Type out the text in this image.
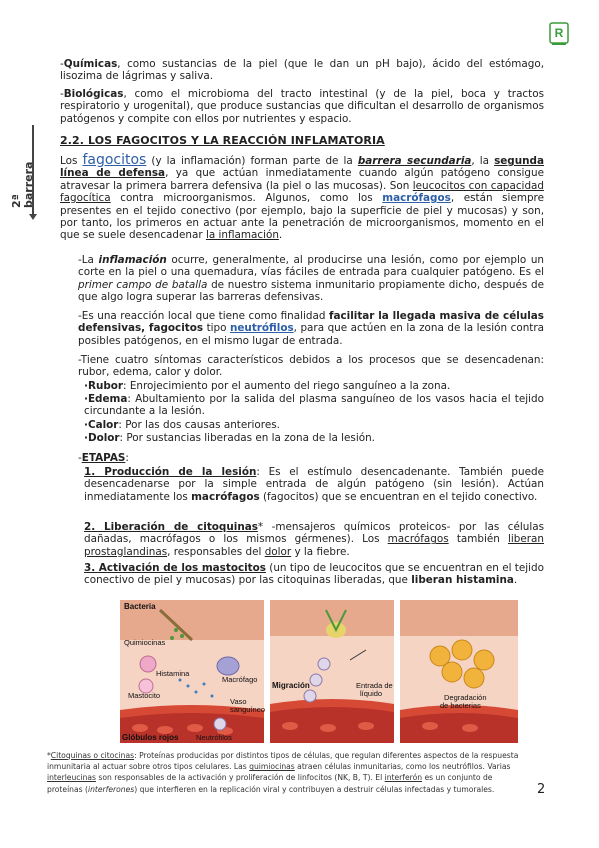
R
-Químicas, como sustancias de la piel (que le dan un pH bajo), ácido del estómago, lisozima de lágrimas y saliva.
-Biológicas, como el microbioma del tracto intestinal (y de la piel, boca y tractos respiratorio y urogenital), que produce sustancias que dificultan el desarrollo de organismos patógenos y compite con ellos por nutrientes y espacio.
2ª barrera
2.2. LOS FAGOCITOS Y LA REACCIÓN INFLAMATORIA
Los fagocitos (y la inflamación) forman parte de la barrera secundaria, la segunda línea de defensa, ya que actúan inmediatamente cuando algún patógeno consigue atravesar la primera barrera defensiva (la piel o las mucosas). Son leucocitos con capacidad fagocítica contra microorganismos. Algunos, como los macrófagos, están siempre presentes en el tejido conectivo (por ejemplo, bajo la superficie de piel y mucosas) y son, por tanto, los primeros en actuar ante la penetración de microorganismos, momento en el que se suele desencadenar la inflamación.
-La inflamación ocurre, generalmente, al producirse una lesión, como por ejemplo un corte en la piel o una quemadura, vías fáciles de entrada para cualquier patógeno. Es el primer campo de batalla de nuestro sistema inmunitario propiamente dicho, después de que algo logra superar las barreras defensivas.
-Es una reacción local que tiene como finalidad facilitar la llegada masiva de células defensivas, fagocitos tipo neutrófilos, para que actúen en la zona de la lesión contra posibles patógenos, en el mismo lugar de entrada.
-Tiene cuatro síntomas característicos debidos a los procesos que se desencadenan: rubor, edema, calor y dolor.
·Rubor: Enrojecimiento por el aumento del riego sanguíneo a la zona.
·Edema: Abultamiento por la salida del plasma sanguíneo de los vasos hacia el tejido circundante a la lesión.
·Calor: Por las dos causas anteriores.
·Dolor: Por sustancias liberadas en la zona de la lesión.
-ETAPAS:
1. Producción de la lesión: Es el estímulo desencadenante. También puede desencadenarse por la simple entrada de algún patógeno (sin lesión). Actúan inmediatamente los macrófagos (fagocitos) que se encuentran en el tejido conectivo.
2. Liberación de citoquinas* -mensajeros químicos proteicos- por las células dañadas, macrófagos o los mismos gérmenes). Los macrófagos también liberan prostaglandinas, responsables del dolor y la fiebre.
3. Activación de los mastocitos (un tipo de leucocitos que se encuentran en el tejido conectivo de piel y mucosas) por las citoquinas liberadas, que liberan histamina.
Bacteria
Quimiocinas
Histamina
Macrófago
Mastocito
Vaso
sanguíneo
Glóbulos rojos Neutrófilos
Migración	Entrada de
líquido	Degradación
de bacterias
*Citoquinas o citocinas: Proteínas producidas por distintos tipos de células, que regulan diferentes aspectos de la respuesta inmunitaria al actuar sobre otros tipos celulares. Las quimiocinas atraen células inmunitarias, como los neutrófilos. Varias interleucinas son responsables de la activación y proliferación de linfocitos (NK, B, T). El interferón es un conjunto de proteínas (interferones) que interfieren en la replicación viral y contribuyen a destruir células infectadas y tumorales.	2
